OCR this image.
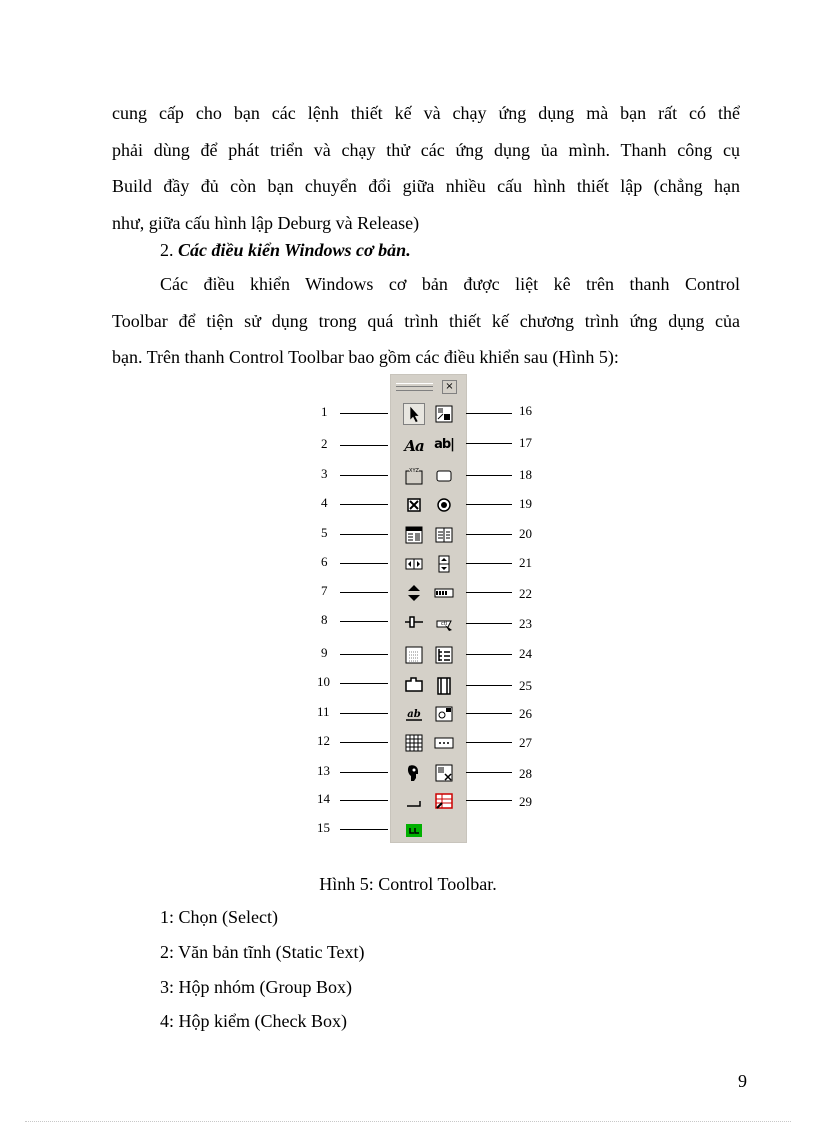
cung cấp cho bạn các lệnh thiết kế và chạy ứng dụng mà bạn rất có thể
phải dùng để phát triển và chạy thử các ứng dụng ủa mình. Thanh công cụ
Build đầy đủ còn bạn chuyển đổi giữa nhiều cấu hình thiết lập (chẳng hạn
như, giữa cấu hình lập Deburg và Release)

2. Các điều kiển Windows cơ bản.

Các điều khiển Windows cơ bản được liệt kê trên thanh Control
Toolbar để tiện sử dụng trong quá trình thiết kế chương trình ứng dụng của
bạn. Trên thanh Control Toolbar bao gồm các điều khiển sau (Hình 5):
×
Aa
XYZ
ab
ab|
ctl

Hình 5: Control Toolbar.

1: Chọn (Select)

2: Văn bản tĩnh (Static Text)

3: Hộp nhóm (Group Box)

4: Hộp kiểm (Check Box)

9

1
2
3
4
5
6
7
8
9
10
11
12
13
14
15
16
17
18
19
20
21
22
23
24
25
26
27
28
29
